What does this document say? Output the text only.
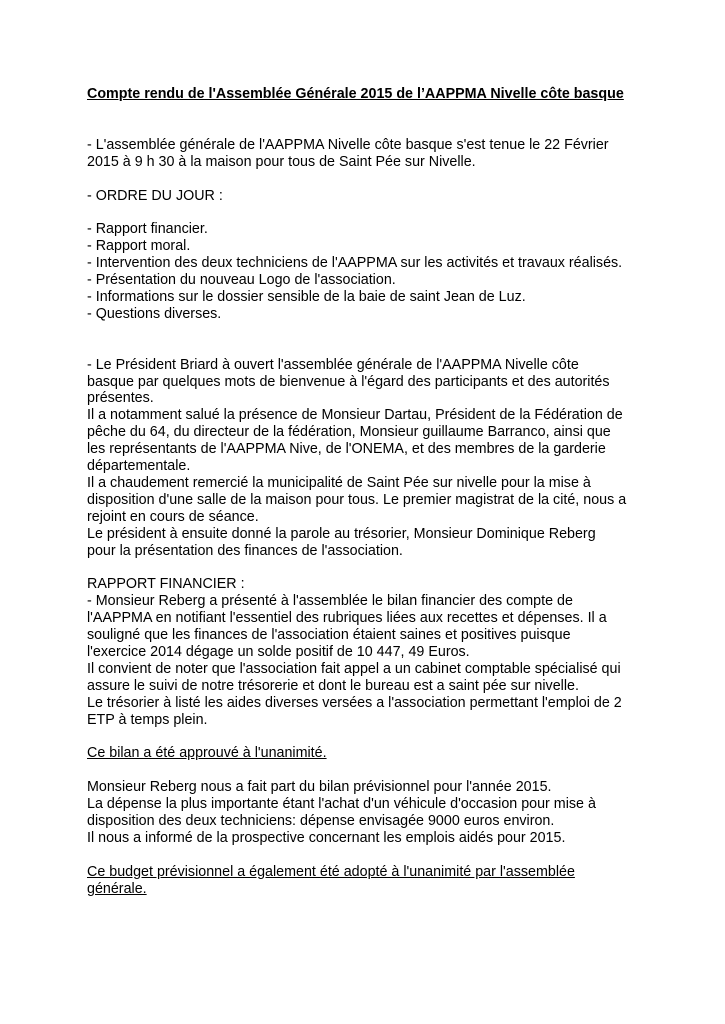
Compte rendu de l'Assemblée Générale 2015 de l’AAPPMA Nivelle côte basque
- L'assemblée générale de l'AAPPMA Nivelle côte basque s'est tenue le 22 Février
2015 à 9 h 30 à la maison pour tous de Saint Pée sur Nivelle.
- ORDRE DU JOUR :
- Rapport financier.
- Rapport moral.
- Intervention des deux techniciens de l'AAPPMA sur les activités et travaux réalisés.
- Présentation du nouveau Logo de l'association.
- Informations sur le dossier sensible de la baie de saint Jean de Luz.
- Questions diverses.
- Le Président Briard à ouvert l'assemblée générale de l'AAPPMA Nivelle côte
basque par quelques mots de bienvenue à l'égard des participants et des autorités
présentes.
Il a notamment salué la présence de Monsieur Dartau, Président de la Fédération de
pêche du 64, du directeur de la fédération, Monsieur guillaume Barranco, ainsi que
les représentants de l'AAPPMA Nive, de l'ONEMA, et des membres de la garderie
départementale.
Il a chaudement remercié la municipalité de Saint Pée sur nivelle pour la mise à
disposition d'une salle de la maison pour tous. Le premier magistrat de la cité, nous a
rejoint en cours de séance.
Le président à ensuite donné la parole au trésorier, Monsieur Dominique Reberg
pour la présentation des finances de l'association.
RAPPORT FINANCIER :
- Monsieur Reberg a présenté à l'assemblée le bilan financier des compte de
l'AAPPMA en notifiant l'essentiel des rubriques liées aux recettes et dépenses. Il a
souligné que les finances de l'association étaient saines et positives puisque
l'exercice 2014 dégage un solde positif de 10 447, 49 Euros.
Il convient de noter que l'association fait appel a un cabinet comptable spécialisé qui
assure le suivi de notre trésorerie et dont le bureau est a saint pée sur nivelle.
Le trésorier à listé les aides diverses versées a l'association permettant l'emploi de 2
ETP à temps plein.
Ce bilan a été approuvé à l'unanimité.
Monsieur Reberg nous a fait part du bilan prévisionnel pour l'année 2015.
La dépense la plus importante étant l'achat d'un véhicule d'occasion pour mise à
disposition des deux techniciens: dépense envisagée 9000 euros environ.
Il nous a informé de la prospective concernant les emplois aidés pour 2015.
Ce budget prévisionnel a également été adopté à l'unanimité par l'assemblée
générale.
